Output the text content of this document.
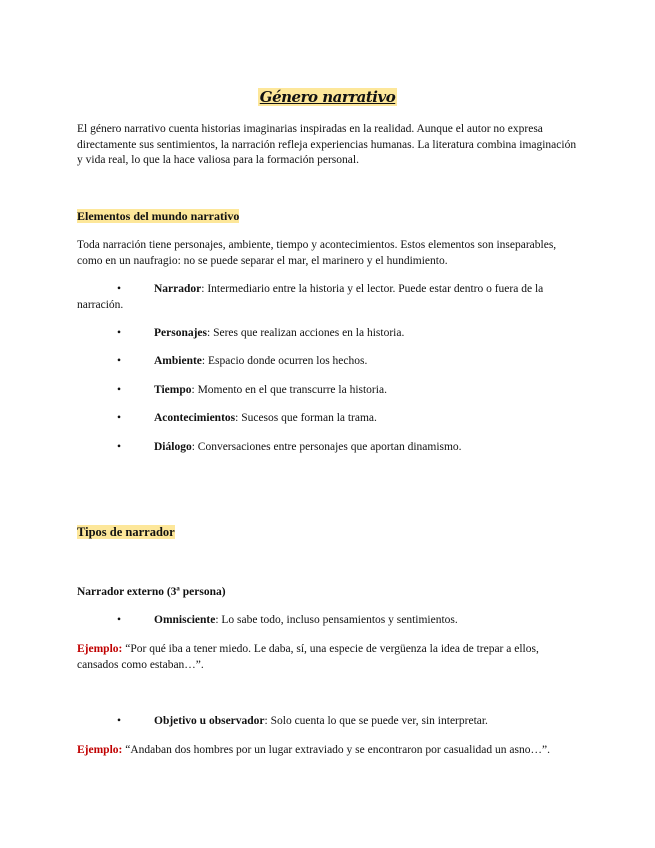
Género narrativo

El género narrativo cuenta historias imaginarias inspiradas en la realidad. Aunque el autor no expresa directamente sus sentimientos, la narración refleja experiencias humanas. La literatura combina imaginación y vida real, lo que la hace valiosa para la formación personal.

Elementos del mundo narrativo

Toda narración tiene personajes, ambiente, tiempo y acontecimientos. Estos elementos son inseparables, como en un naufragio: no se puede separar el mar, el marinero y el hundimiento.

•	Narrador: Intermediario entre la historia y el lector. Puede estar dentro o fuera de la narración.
•	Personajes: Seres que realizan acciones en la historia.
•	Ambiente: Espacio donde ocurren los hechos.
•	Tiempo: Momento en el que transcurre la historia.
•	Acontecimientos: Sucesos que forman la trama.
•	Diálogo: Conversaciones entre personajes que aportan dinamismo.
Tipos de narrador
Narrador externo (3ª persona)
•	Omnisciente: Lo sabe todo, incluso pensamientos y sentimientos.

Ejemplo: “Por qué iba a tener miedo. Le daba, sí, una especie de vergüenza la idea de trepar a ellos, cansados como estaban…”.

•	Objetivo u observador: Solo cuenta lo que se puede ver, sin interpretar.

Ejemplo: “Andaban dos hombres por un lugar extraviado y se encontraron por casualidad un asno…”.
